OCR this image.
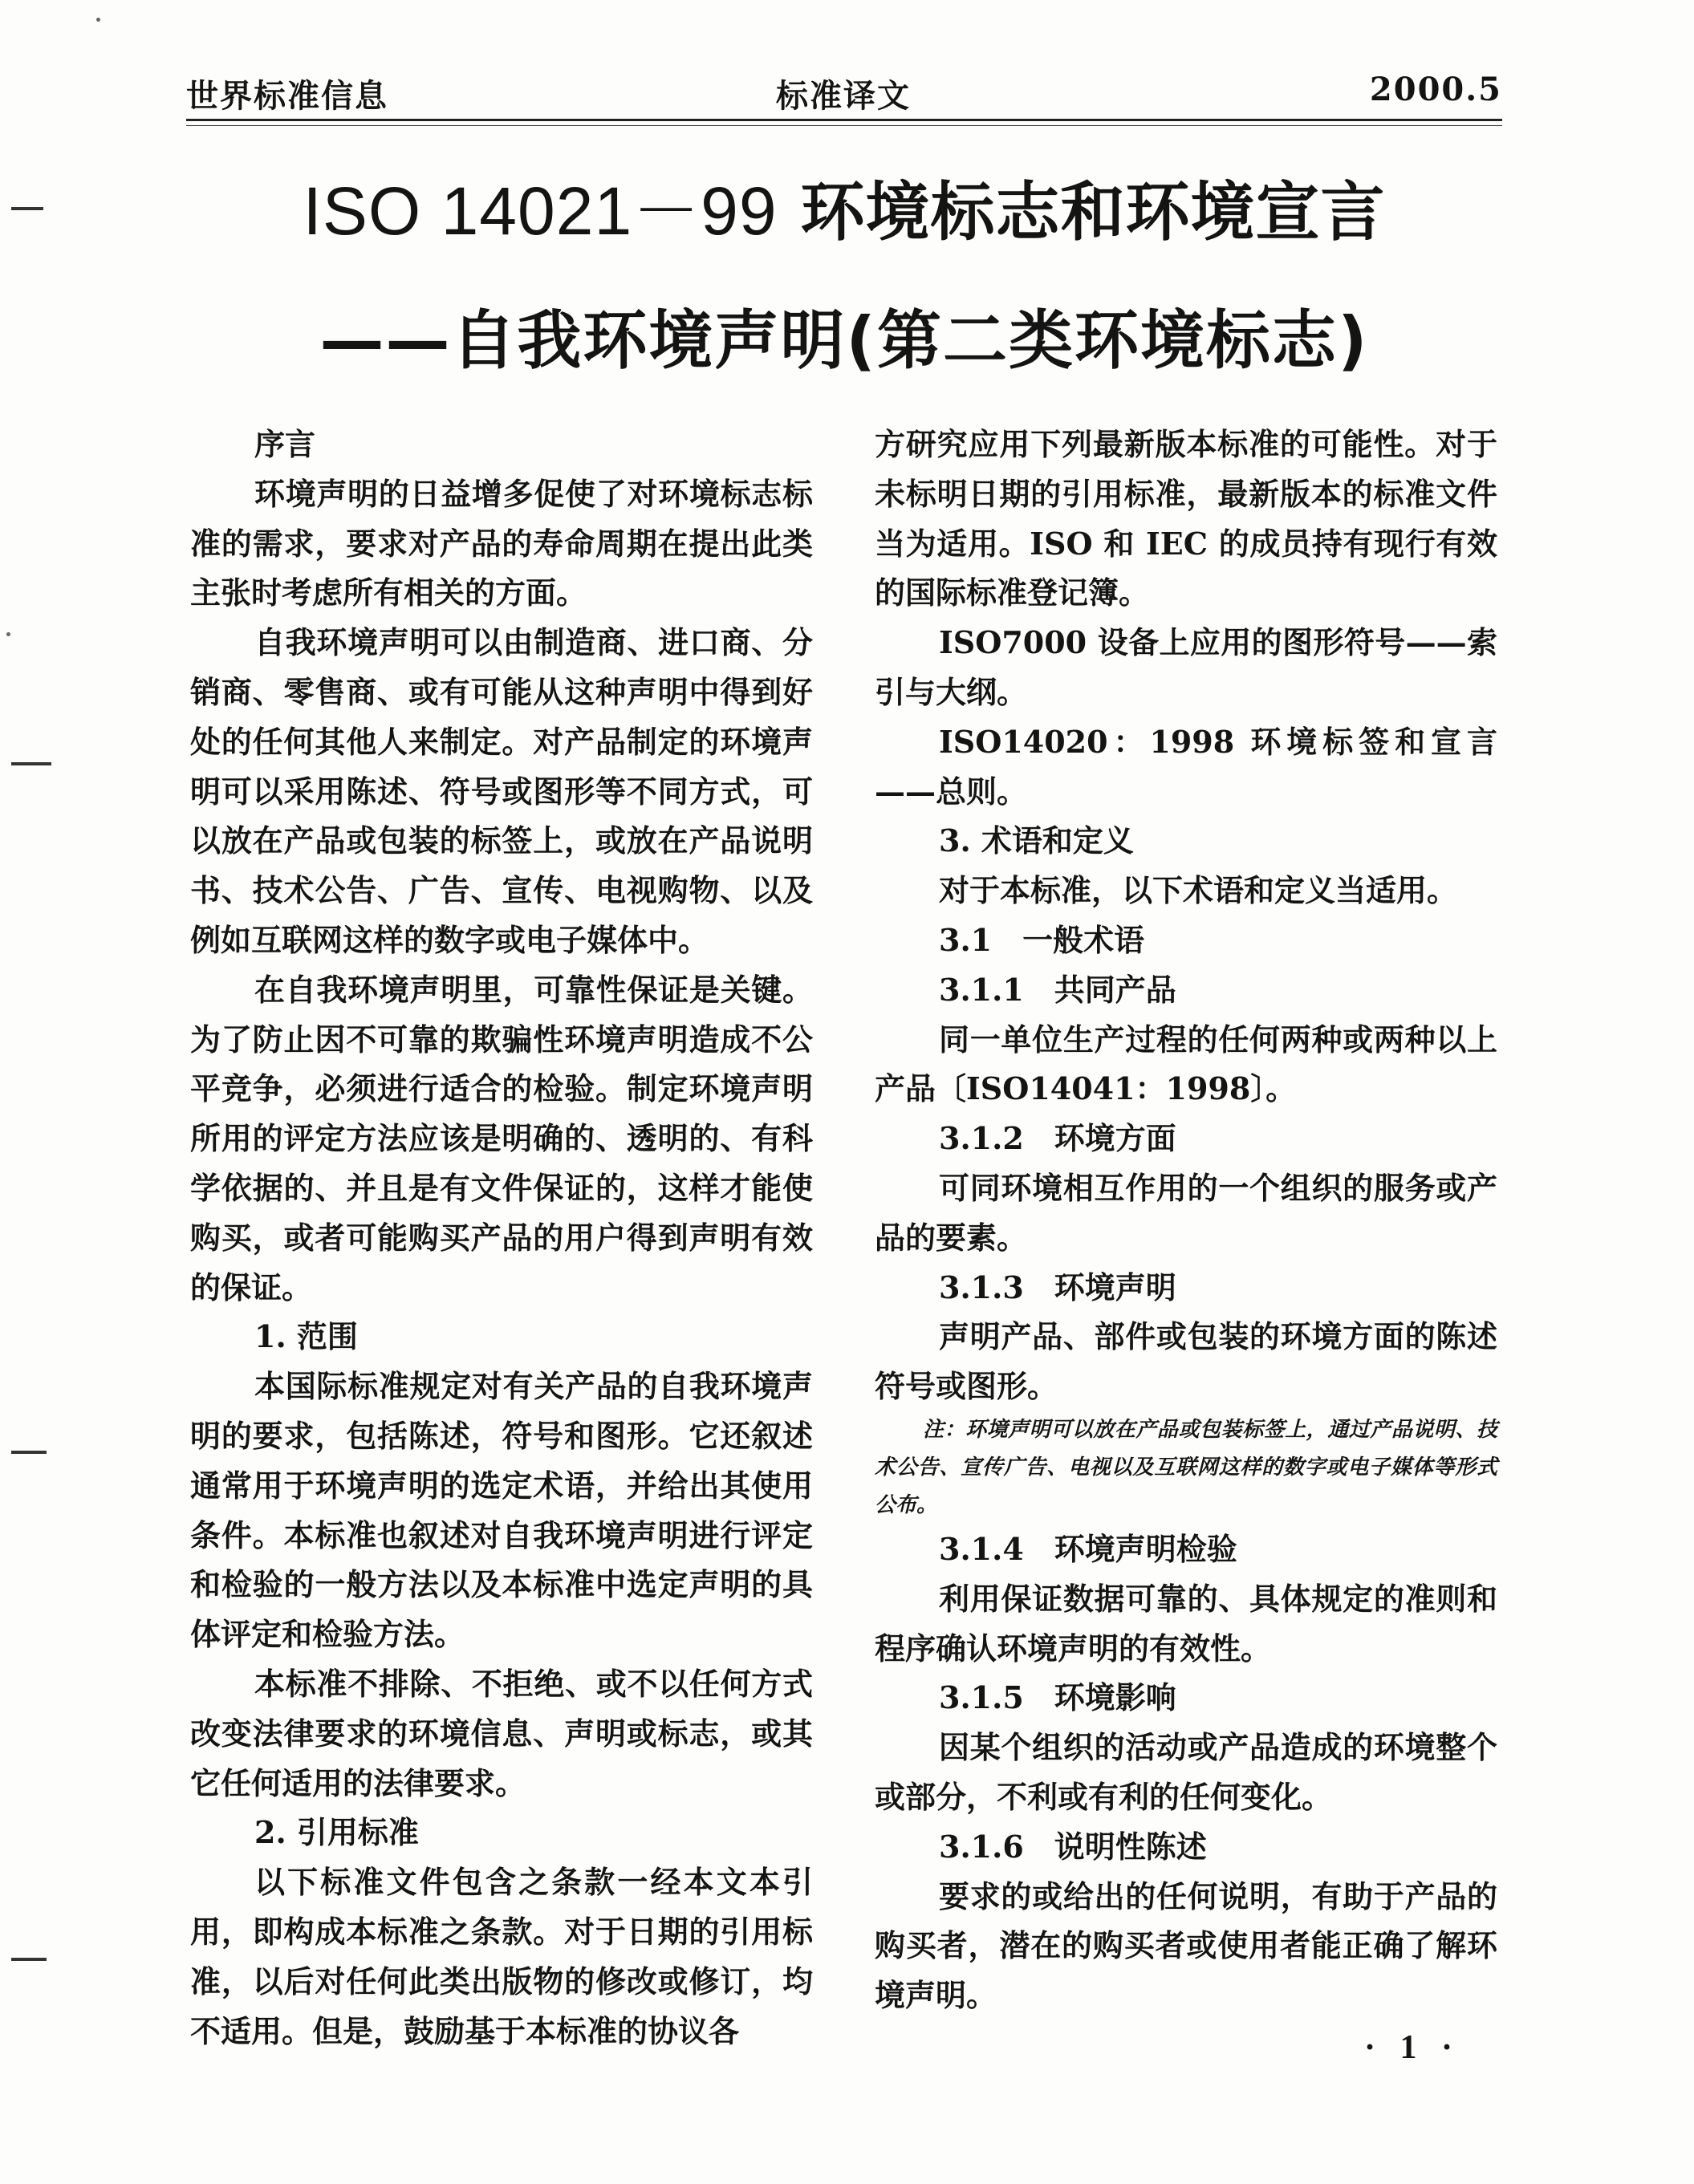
世界标准信息	标准译文	2000.5
ISO 14021－99 环境标志和环境宣言
——自我环境声明(第二类环境标志)

序言

环境声明的日益增多促使了对环境标志标准的需求，要求对产品的寿命周期在提出此类主张时考虑所有相关的方面。

自我环境声明可以由制造商、进口商、分销商、零售商、或有可能从这种声明中得到好处的任何其他人来制定。对产品制定的环境声明可以采用陈述、符号或图形等不同方式，可以放在产品或包装的标签上，或放在产品说明书、技术公告、广告、宣传、电视购物、以及例如互联网这样的数字或电子媒体中。

在自我环境声明里，可靠性保证是关键。为了防止因不可靠的欺骗性环境声明造成不公平竞争，必须进行适合的检验。制定环境声明所用的评定方法应该是明确的、透明的、有科学依据的、并且是有文件保证的，这样才能使购买，或者可能购买产品的用户得到声明有效的保证。

1. 范围

本国际标准规定对有关产品的自我环境声明的要求，包括陈述，符号和图形。它还叙述通常用于环境声明的选定术语，并给出其使用条件。本标准也叙述对自我环境声明进行评定和检验的一般方法以及本标准中选定声明的具体评定和检验方法。

本标准不排除、不拒绝、或不以任何方式改变法律要求的环境信息、声明或标志，或其它任何适用的法律要求。

2. 引用标准

以下标准文件包含之条款一经本文本引用，即构成本标准之条款。对于日期的引用标准，以后对任何此类出版物的修改或修订，均不适用。但是，鼓励基于本标准的协议各

方研究应用下列最新版本标准的可能性。对于未标明日期的引用标准，最新版本的标准文件当为适用。ISO 和 IEC 的成员持有现行有效的国际标准登记簿。

ISO7000 设备上应用的图形符号——索引与大纲。

ISO14020：1998 环境标签和宣言——总则。

3. 术语和定义

对于本标准，以下术语和定义当适用。

3.1　一般术语

3.1.1　共同产品

同一单位生产过程的任何两种或两种以上产品〔ISO14041：1998〕。

3.1.2　环境方面

可同环境相互作用的一个组织的服务或产品的要素。

3.1.3　环境声明

声明产品、部件或包装的环境方面的陈述符号或图形。

注：环境声明可以放在产品或包装标签上，通过产品说明、技术公告、宣传广告、电视以及互联网这样的数字或电子媒体等形式公布。

3.1.4　环境声明检验

利用保证数据可靠的、具体规定的准则和程序确认环境声明的有效性。

3.1.5　环境影响

因某个组织的活动或产品造成的环境整个或部分，不利或有利的任何变化。

3.1.6　说明性陈述

要求的或给出的任何说明，有助于产品的购买者，潜在的购买者或使用者能正确了解环境声明。

· 1 ·
